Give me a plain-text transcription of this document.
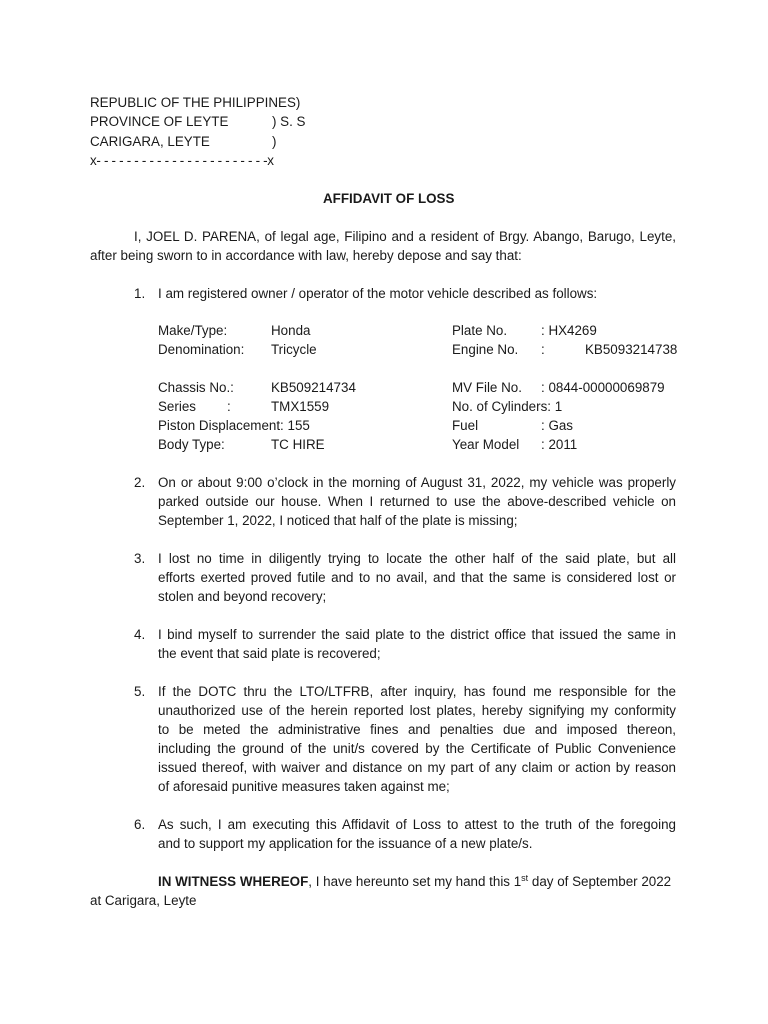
REPUBLIC OF THE PHILIPPINES)
PROVINCE OF LEYTE	) S. S
CARIGARA, LEYTE	)
x- - - - - - - - - - - - - - - - - - - - - - -x
AFFIDAVIT OF LOSS
I, JOEL D. PARENA, of legal age, Filipino and a resident of Brgy. Abango, Barugo, Leyte,
after being sworn to in accordance with law, hereby depose and say that:
1. I am registered owner / operator of the motor vehicle described as follows:
Make/Type:	Honda	Plate No.	: HX4269
Denomination: Tricycle	Engine No. :	KB5093214738
Chassis No.:	KB509214734	MV File No. : 0844-00000069879
Series :	TMX1559	No. of Cylinders: 1
Piston Displacement: 155	Fuel	: Gas
Body Type:	TC HIRE	Year Model : 2011
2. On or about 9:00 o’clock in the morning of August 31, 2022, my vehicle was properly
parked outside our house. When I returned to use the above-described vehicle on
September 1, 2022, I noticed that half of the plate is missing;
3. I lost no time in diligently trying to locate the other half of the said plate, but all
efforts exerted proved futile and to no avail, and that the same is considered lost or
stolen and beyond recovery;
4. I bind myself to surrender the said plate to the district office that issued the same in
the event that said plate is recovered;
5. If the DOTC thru the LTO/LTFRB, after inquiry, has found me responsible for the
unauthorized use of the herein reported lost plates, hereby signifying my conformity
to be meted the administrative fines and penalties due and imposed thereon,
including the ground of the unit/s covered by the Certificate of Public Convenience
issued thereof, with waiver and distance on my part of any claim or action by reason
of aforesaid punitive measures taken against me;
6. As such, I am executing this Affidavit of Loss to attest to the truth of the foregoing
and to support my application for the issuance of a new plate/s.
IN WITNESS WHEREOF, I have hereunto set my hand this 1st day of September 2022
at Carigara, Leyte
